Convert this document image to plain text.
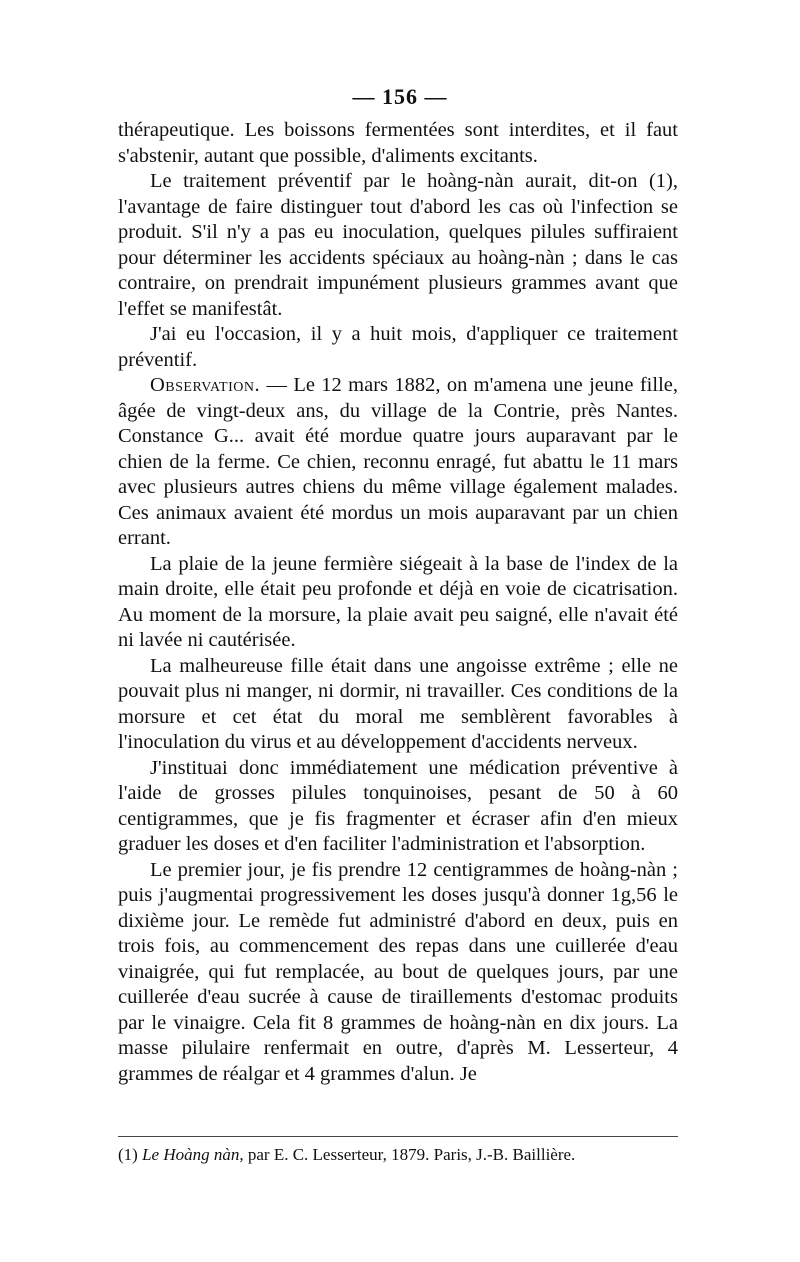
— 156 —

thérapeutique. Les boissons fermentées sont interdites, et il faut s'abstenir, autant que possible, d'aliments excitants.

Le traitement préventif par le hoàng-nàn aurait, dit-on (1), l'avantage de faire distinguer tout d'abord les cas où l'infection se produit. S'il n'y a pas eu inoculation, quelques pilules suffiraient pour déterminer les accidents spéciaux au hoàng-nàn ; dans le cas contraire, on prendrait impunément plusieurs grammes avant que l'effet se manifestât.

J'ai eu l'occasion, il y a huit mois, d'appliquer ce traitement préventif.

Observation. — Le 12 mars 1882, on m'amena une jeune fille, âgée de vingt-deux ans, du village de la Contrie, près Nantes. Constance G... avait été mordue quatre jours auparavant par le chien de la ferme. Ce chien, reconnu enragé, fut abattu le 11 mars avec plusieurs autres chiens du même village également malades. Ces animaux avaient été mordus un mois auparavant par un chien errant.

La plaie de la jeune fermière siégeait à la base de l'index de la main droite, elle était peu profonde et déjà en voie de cicatrisation. Au moment de la morsure, la plaie avait peu saigné, elle n'avait été ni lavée ni cautérisée.

La malheureuse fille était dans une angoisse extrême ; elle ne pouvait plus ni manger, ni dormir, ni travailler. Ces conditions de la morsure et cet état du moral me semblèrent favorables à l'inoculation du virus et au développement d'accidents nerveux.

J'instituai donc immédiatement une médication préventive à l'aide de grosses pilules tonquinoises, pesant de 50 à 60 centigrammes, que je fis fragmenter et écraser afin d'en mieux graduer les doses et d'en faciliter l'administration et l'absorption.

Le premier jour, je fis prendre 12 centigrammes de hoàng-nàn ; puis j'augmentai progressivement les doses jusqu'à donner 1g,56 le dixième jour. Le remède fut administré d'abord en deux, puis en trois fois, au commencement des repas dans une cuillerée d'eau vinaigrée, qui fut remplacée, au bout de quelques jours, par une cuillerée d'eau sucrée à cause de tiraillements d'estomac produits par le vinaigre. Cela fit 8 grammes de hoàng-nàn en dix jours. La masse pilulaire renfermait en outre, d'après M. Lesserteur, 4 grammes de réalgar et 4 grammes d'alun. Je

(1) Le Hoàng nàn, par E. C. Lesserteur, 1879. Paris, J.-B. Baillière.
